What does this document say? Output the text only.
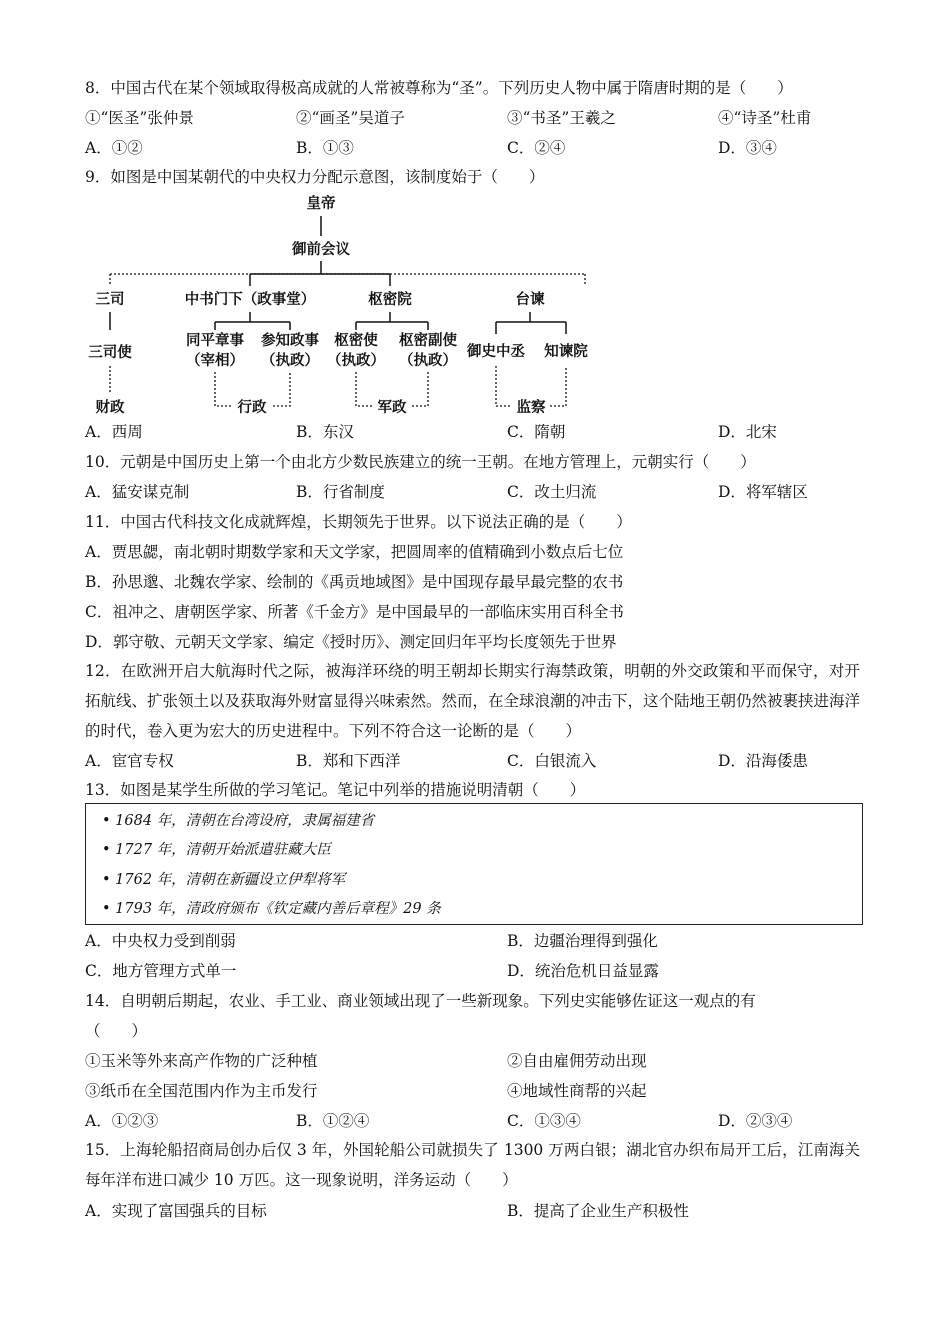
8．中国古代在某个领域取得极高成就的人常被尊称为“圣”。下列历史人物中属于隋唐时期的是（　　）
①“医圣”张仲景	②“画圣”吴道子	③“书圣”王羲之	④“诗圣”杜甫
A．①②	B．①③	C．②④	D．③④
9．如图是中国某朝代的中央权力分配示意图，该制度始于（　　）
皇帝
御前会议
三司	中书门下（政事堂）	枢密院	台谏
三司使
财政
同平章事
（宰相）
参知政事
（执政）
行政
枢密使
（执政）
枢密副使
（执政）
军政
御史中丞 知谏院
监察
A．西周	B．东汉	C．隋朝	D．北宋
10．元朝是中国历史上第一个由北方少数民族建立的统一王朝。在地方管理上，元朝实行（　　）
A．猛安谋克制	B．行省制度	C．改土归流	D．将军辖区
11．中国古代科技文化成就辉煌，长期领先于世界。以下说法正确的是（　　）
A．贾思勰，南北朝时期数学家和天文学家，把圆周率的值精确到小数点后七位
B．孙思邈、北魏农学家、绘制的《禹贡地域图》是中国现存最早最完整的农书
C．祖冲之、唐朝医学家、所著《千金方》是中国最早的一部临床实用百科全书
D．郭守敬、元朝天文学家、编定《授时历》、测定回归年平均长度领先于世界
12．在欧洲开启大航海时代之际，被海洋环绕的明王朝却长期实行海禁政策，明朝的外交政策和平而保守，对开拓航线、扩张领土以及获取海外财富显得兴味索然。然而，在全球浪潮的冲击下，这个陆地王朝仍然被裹挟进海洋的时代，卷入更为宏大的历史进程中。下列不符合这一论断的是（　　）
A．宦官专权	B．郑和下西洋	C．白银流入	D．沿海倭患
13．如图是某学生所做的学习笔记。笔记中列举的措施说明清朝（　　）
• 1684 年，清朝在台湾设府，隶属福建省
• 1727 年，清朝开始派遣驻藏大臣
• 1762 年，清朝在新疆设立伊犁将军
• 1793 年，清政府颁布《钦定藏内善后章程》29 条
A．中央权力受到削弱	B．边疆治理得到强化
C．地方管理方式单一	D．统治危机日益显露
14．自明朝后期起，农业、手工业、商业领域出现了一些新现象。下列史实能够佐证这一观点的有
（　　）
①玉米等外来高产作物的广泛种植	②自由雇佣劳动出现
③纸币在全国范围内作为主币发行	④地域性商帮的兴起
A．①②③	B．①②④	C．①③④	D．②③④
15．上海轮船招商局创办后仅 3 年，外国轮船公司就损失了 1300 万两白银；湖北官办织布局开工后，江南海关每年洋布进口减少 10 万匹。这一现象说明，洋务运动（　　）
A．实现了富国强兵的目标	B．提高了企业生产积极性
